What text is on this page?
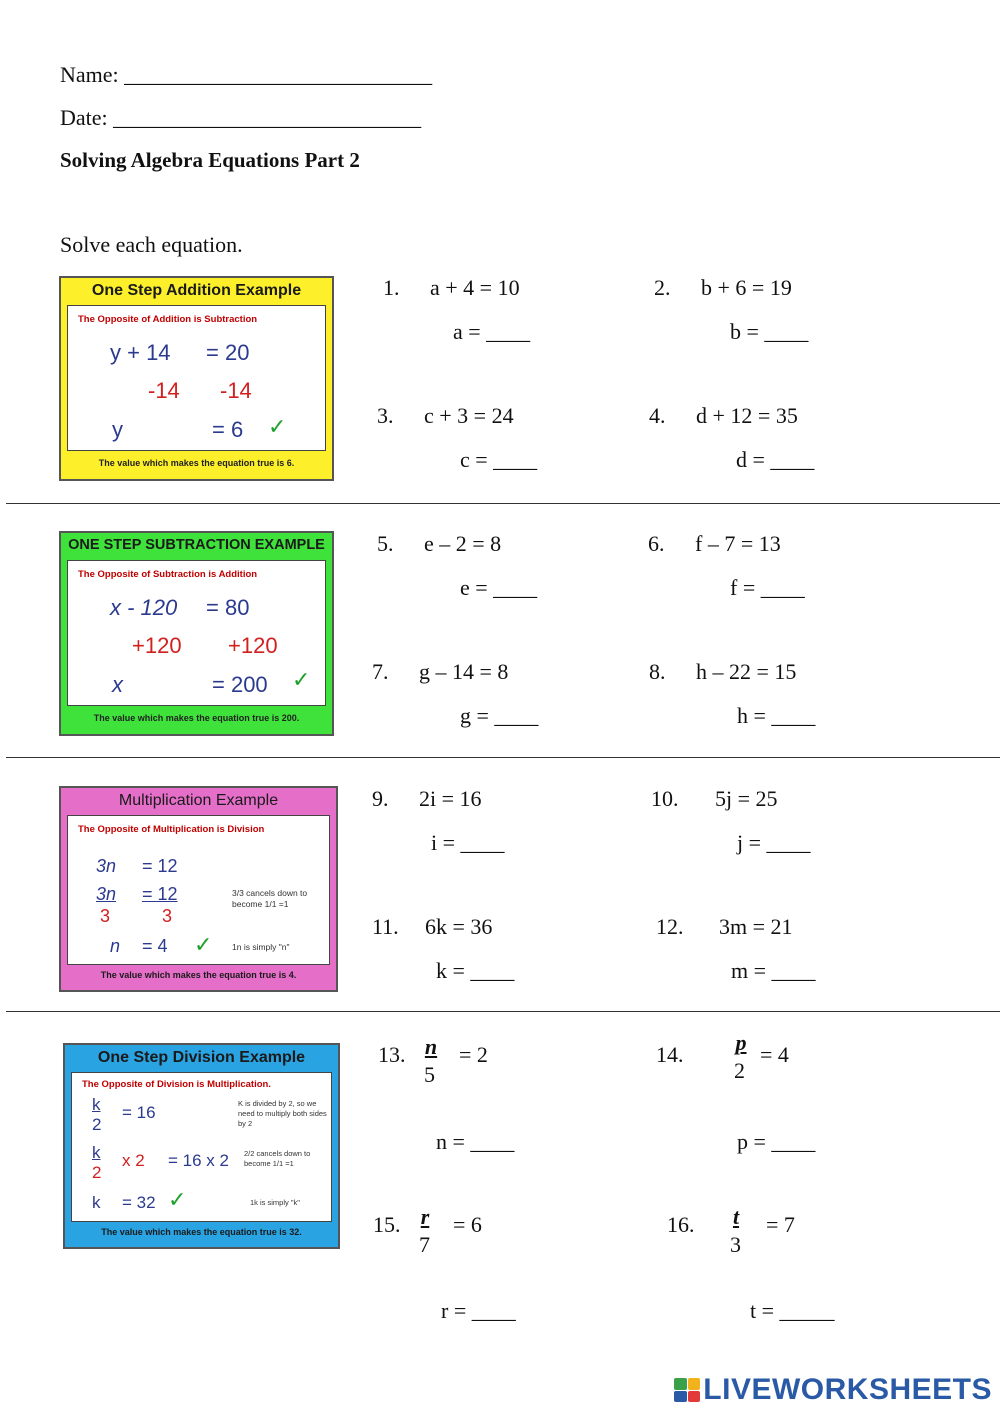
Name: ____________________________
Date: ____________________________
Solving Algebra Equations Part 2
Solve each equation.
One Step Addition Example
The Opposite of Addition is Subtraction
y + 14 = 20
-14 -14
y	= 6 ✓
The value which makes the equation true is 6.
ONE STEP SUBTRACTION EXAMPLE
The Opposite of Subtraction is Addition
x - 120 = 80
+120 +120
x	= 200 ✓
The value which makes the equation true is 200.
Multiplication Example
The Opposite of Multiplication is Division
3n = 12
3n
3
= 12
3
3/3 cancels down to become 1/1 =1
n = 4 ✓ 1n is simply "n"
The value which makes the equation true is 4.
One Step Division Example
The Opposite of Division is Multiplication.
k
2
= 16	K is divided by 2, so we need to multiply both sides by 2
k
2
x 2 = 16 x 2 2/2 cancels down to become 1/1 =1
k = 32 ✓	1k is simply "k"
The value which makes the equation true is 32.
1. a + 4 = 10
a = ____
2. b + 6 = 19
b = ____
3. c + 3 = 24
c = ____
4. d + 12 = 35
d = ____
5. e – 2 = 8
e = ____
6. f – 7 = 13
f = ____
7. g – 14 = 8
g = ____
8. h – 22 = 15
h = ____
9. 2i = 16
i = ____
10. 5j = 25
j = ____
11. 6k = 36
k = ____
12. 3m = 21
m = ____
13. n
5
= 2
n = ____
14. p
2
= 4
p = ____
15. r
7
= 6
r = ____
16. t
3
= 7
t = _____
LIVEWORKSHEETS
